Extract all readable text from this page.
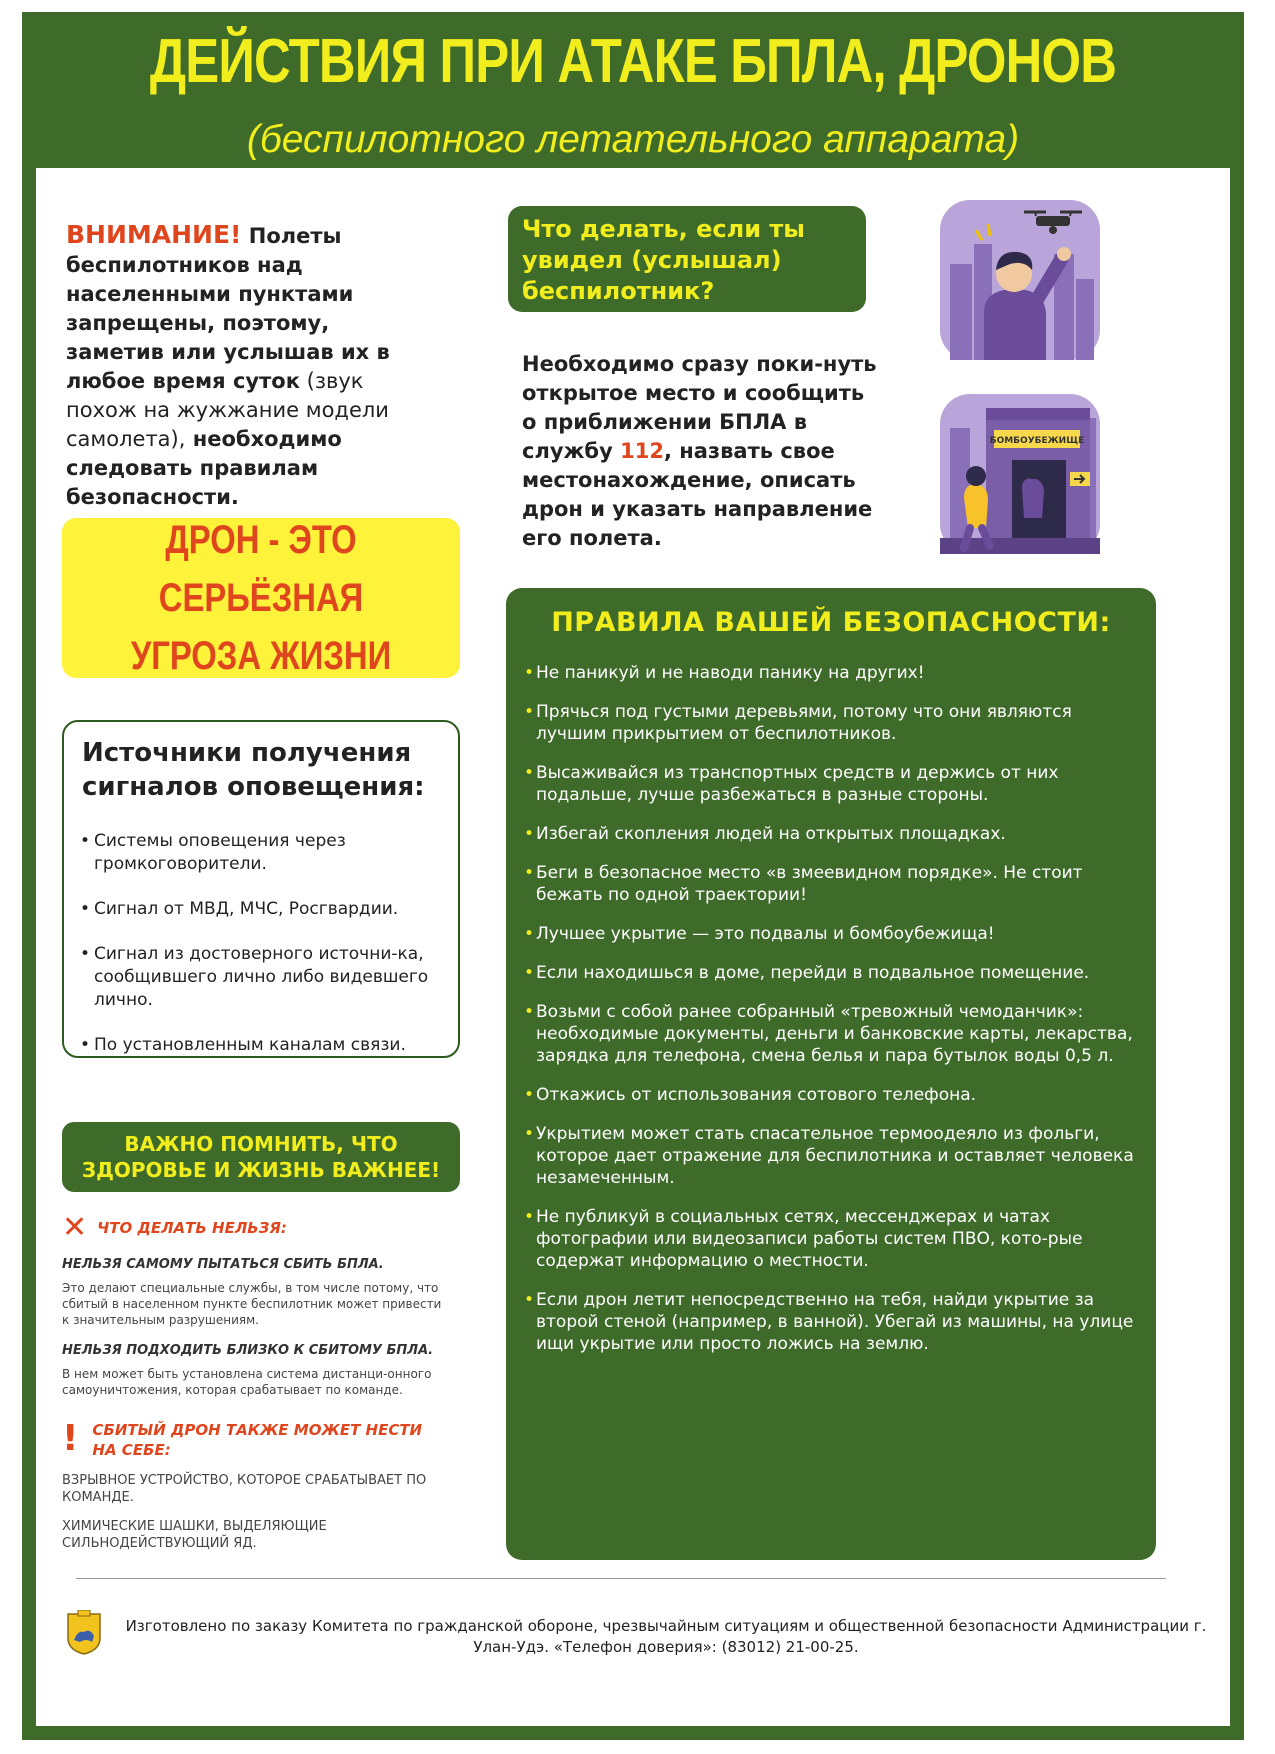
ДЕЙСТВИЯ ПРИ АТАКЕ БПЛА, ДРОНОВ
(беспилотного летательного аппарата)
ВНИМАНИЕ! Полеты беспилотников над населенными пунктами запрещены, поэтому, заметив или услышав их в любое время суток (звук похож на жужжание модели самолета), необходимо следовать правилам безопасности.
ДРОН - ЭТО СЕРЬЁЗНАЯ
УГРОЗА ЖИЗНИ
Источники получения сигналов оповещения:
• Системы оповещения через громкоговорители.
• Сигнал от МВД, МЧС, Росгвардии.
• Сигнал из достоверного источни-ка, сообщившего лично либо видевшего лично.
• По установленным каналам связи.
Что делать, если ты
увидел (услышал)
беспилотник?
Необходимо сразу поки-нуть открытое место и сообщить о приближении БПЛА в службу 112, назвать свое местонахождение, описать дрон и указать направление его полета.
БОМБОУБЕЖИЩЕ
ПРАВИЛА ВАШЕЙ БЕЗОПАСНОСТИ:
• Не паникуй и не наводи панику на других!
• Прячься под густыми деревьями, потому что они являются лучшим прикрытием от беспилотников.
• Высаживайся из транспортных средств и держись от них подальше, лучше разбежаться в разные стороны.
• Избегай скопления людей на открытых площадках.
• Беги в безопасное место «в змеевидном порядке». Не стоит бежать по одной траектории!
• Лучшее укрытие — это подвалы и бомбоубежища!
• Если находишься в доме, перейди в подвальное помещение.
• Возьми с собой ранее собранный «тревожный чемоданчик»: необходимые документы, деньги и банковские карты, лекарства, зарядка для телефона, смена белья и пара бутылок воды 0,5 л.
• Откажись от использования сотового телефона.
• Укрытием может стать спасательное термоодеяло из фольги, которое дает отражение для беспилотника и оставляет человека незамеченным.
• Не публикуй в социальных сетях, мессенджерах и чатах фотографии или видеозаписи работы систем ПВО, кото-рые содержат информацию о местности.
• Если дрон летит непосредственно на тебя, найди укрытие за второй стеной (например, в ванной). Убегай из машины, на улице ищи укрытие или просто ложись на землю.
ВАЖНО ПОМНИТЬ, ЧТО
ЗДОРОВЬЕ И ЖИЗНЬ ВАЖНЕЕ!
✕ ЧТО ДЕЛАТЬ НЕЛЬЗЯ:
НЕЛЬЗЯ САМОМУ ПЫТАТЬСЯ СБИТЬ БПЛА.
Это делают специальные службы, в том числе потому, что сбитый в населенном пункте беспилотник может привести к значительным разрушениям.
НЕЛЬЗЯ ПОДХОДИТЬ БЛИЗКО К СБИТОМУ БПЛА.
В нем может быть установлена система дистанци-онного самоуничтожения, которая срабатывает по команде.
! СБИТЫЙ ДРОН ТАКЖЕ МОЖЕТ НЕСТИ НА СЕБЕ:
ВЗРЫВНОЕ УСТРОЙСТВО, КОТОРОЕ СРАБАТЫВАЕТ ПО КОМАНДЕ.
ХИМИЧЕСКИЕ ШАШКИ, ВЫДЕЛЯЮЩИЕ СИЛЬНОДЕЙСТВУЮЩИЙ ЯД.
Изготовлено по заказу Комитета по гражданской обороне, чрезвычайным ситуациям и общественной безопасности Администрации г. Улан-Удэ. «Телефон доверия»: (83012) 21-00-25.
